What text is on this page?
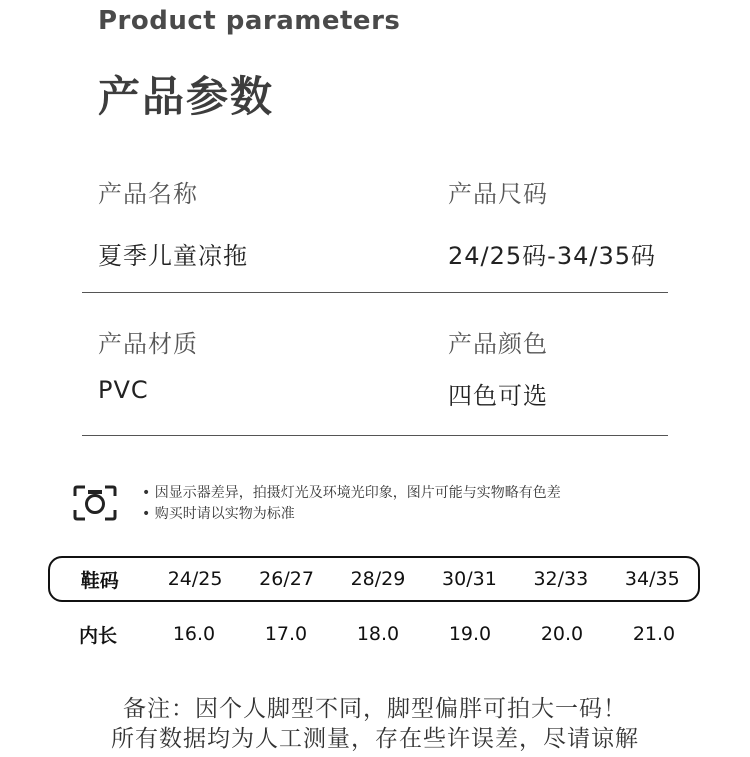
Product parameters
产品参数
产品名称
夏季儿童凉拖
产品尺码
24/25码-34/35码
产品材质
PVC
产品颜色
四色可选
• 因显示器差异，拍摄灯光及环境光印象，图片可能与实物略有色差
• 购买时请以实物为标准
鞋码	24/25	26/27	28/29	30/31	32/33	34/35
内长	16.0	17.0	18.0	19.0	20.0	21.0
备注：因个人脚型不同，脚型偏胖可拍大一码！
所有数据均为人工测量，存在些许误差，尽请谅解
